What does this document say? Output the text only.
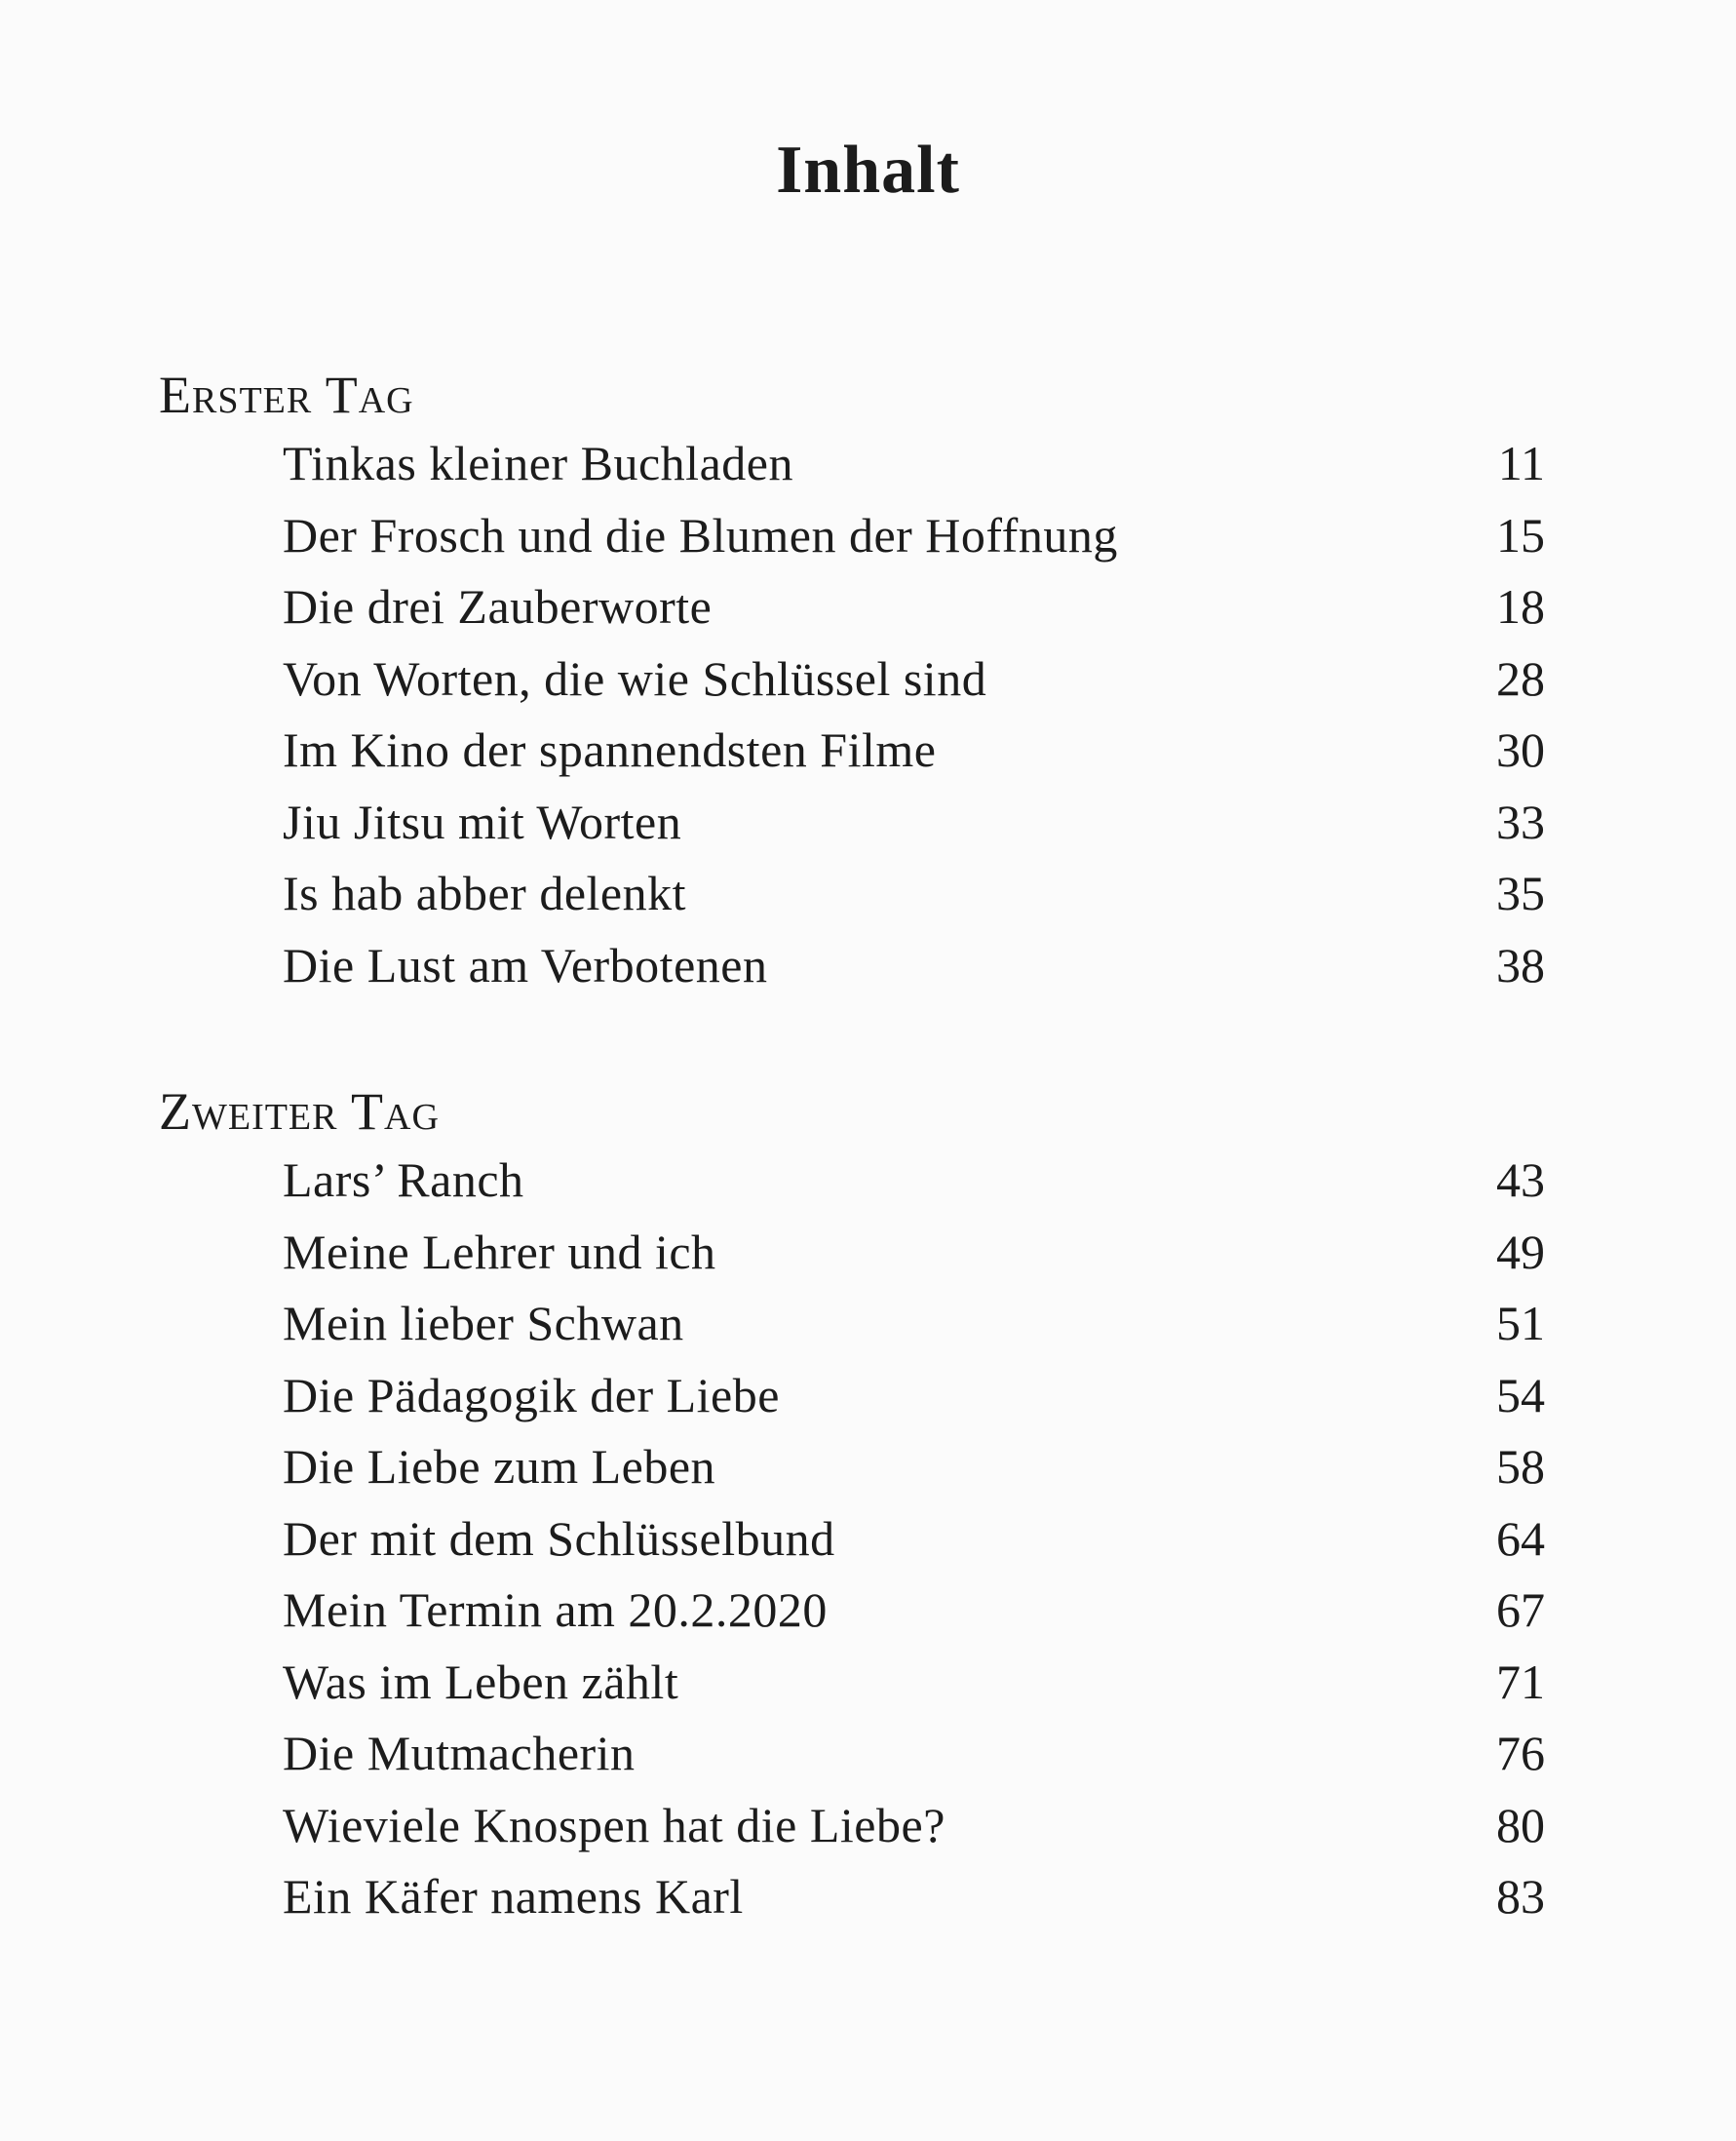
Inhalt
Erster Tag
Tinkas kleiner Buchladen	11
Der Frosch und die Blumen der Hoffnung	15
Die drei Zauberworte	18
Von Worten, die wie Schlüssel sind	28
Im Kino der spannendsten Filme	30
Jiu Jitsu mit Worten	33
Is hab abber delenkt	35
Die Lust am Verbotenen	38
Zweiter Tag
Lars’ Ranch	43
Meine Lehrer und ich	49
Mein lieber Schwan	51
Die Pädagogik der Liebe	54
Die Liebe zum Leben	58
Der mit dem Schlüsselbund	64
Mein Termin am 20.2.2020	67
Was im Leben zählt	71
Die Mutmacherin	76
Wieviele Knospen hat die Liebe?	80
Ein Käfer namens Karl	83
